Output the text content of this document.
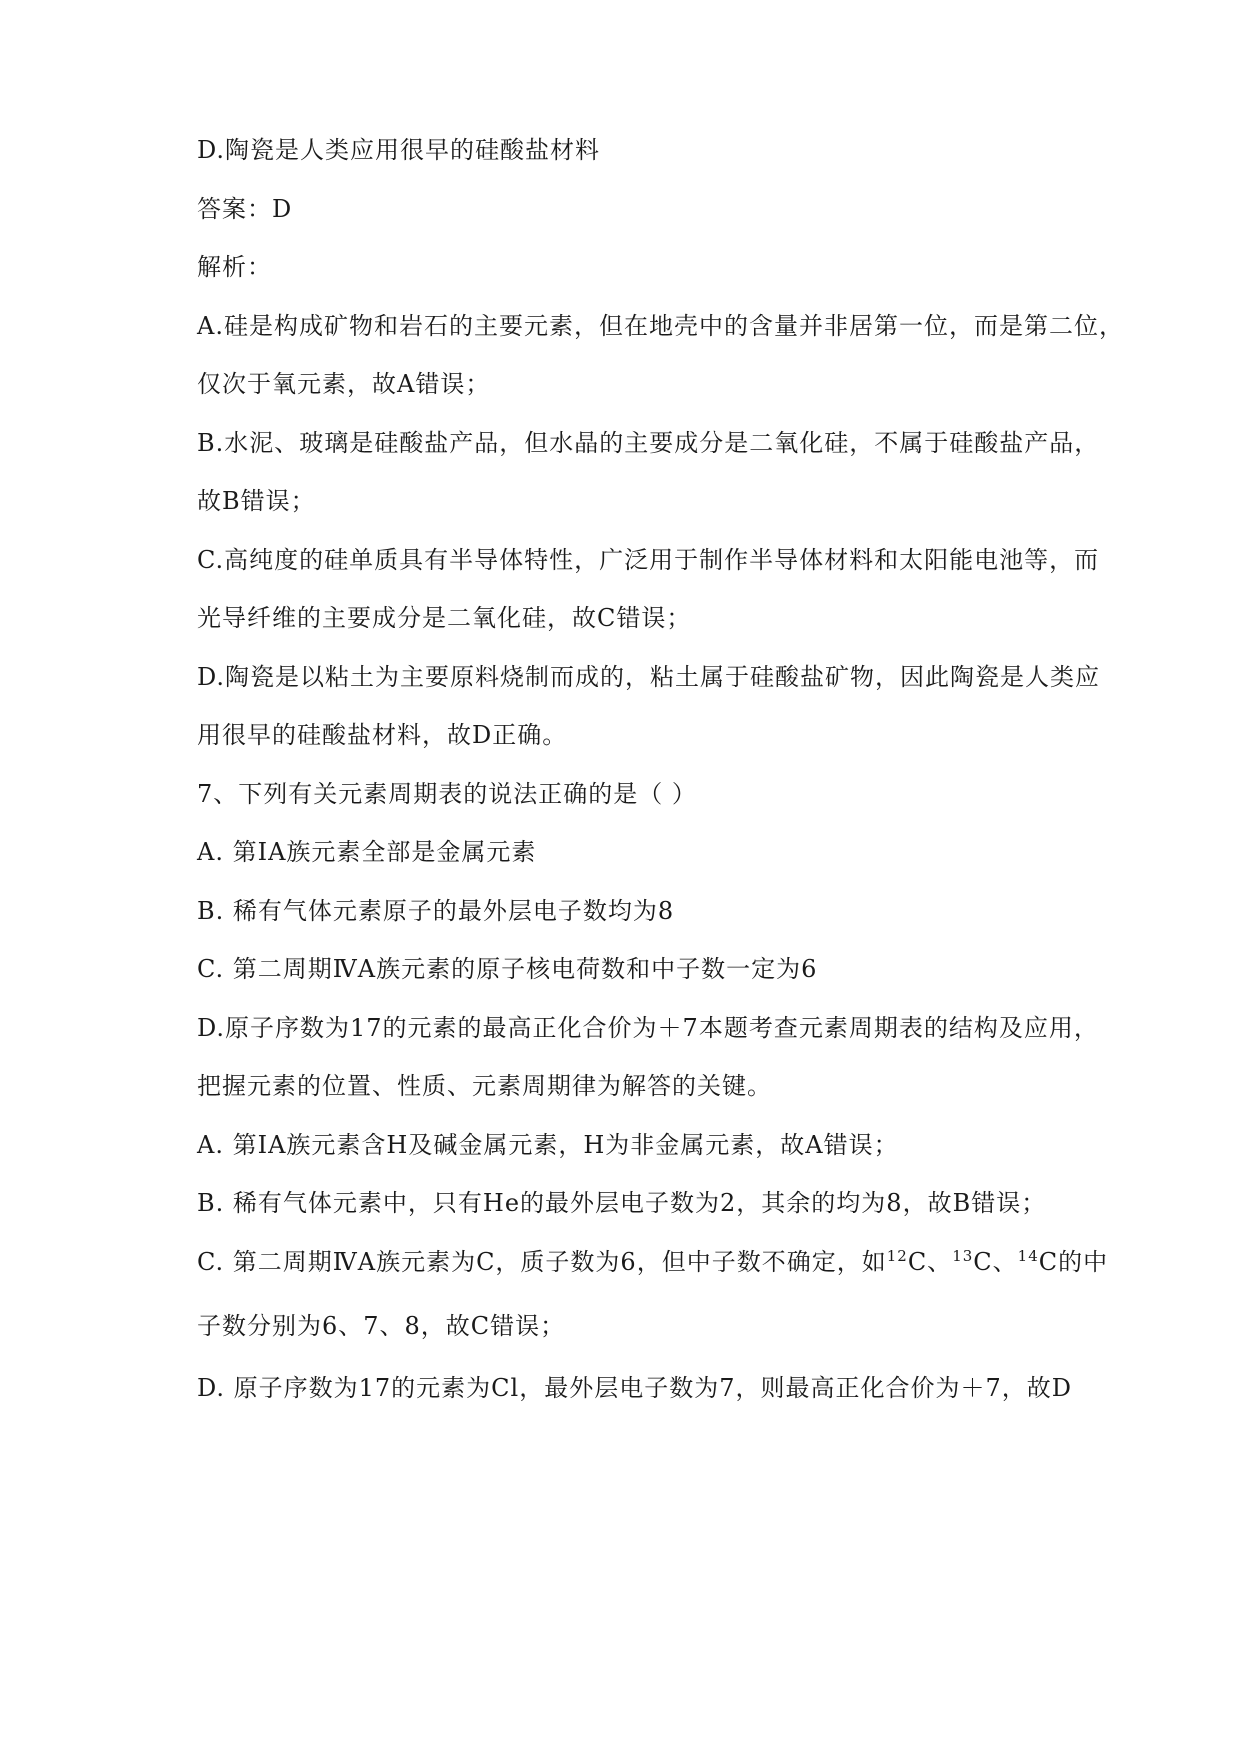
D.陶瓷是人类应用很早的硅酸盐材料
答案：D
解析：
A.硅是构成矿物和岩石的主要元素，但在地壳中的含量并非居第一位，而是第二位，
仅次于氧元素，故A错误；
B.水泥、玻璃是硅酸盐产品，但水晶的主要成分是二氧化硅，不属于硅酸盐产品，
故B错误；
C.高纯度的硅单质具有半导体特性，广泛用于制作半导体材料和太阳能电池等，而
光导纤维的主要成分是二氧化硅，故C错误；
D.陶瓷是以粘土为主要原料烧制而成的，粘土属于硅酸盐矿物，因此陶瓷是人类应
用很早的硅酸盐材料，故D正确。
7、下列有关元素周期表的说法正确的是（ ）
A. 第IA族元素全部是金属元素
B. 稀有气体元素原子的最外层电子数均为8
C. 第二周期ⅣA族元素的原子核电荷数和中子数一定为6
D.原子序数为17的元素的最高正化合价为＋7本题考查元素周期表的结构及应用，
把握元素的位置、性质、元素周期律为解答的关键。
A. 第IA族元素含H及碱金属元素，H为非金属元素，故A错误；
B. 稀有气体元素中，只有He的最外层电子数为2，其余的均为8，故B错误；
C. 第二周期ⅣA族元素为C，质子数为6，但中子数不确定，如$^{12}$C、$^{13}$C、$^{14}$C的中
子数分别为6、7、8，故C错误；
D. 原子序数为17的元素为Cl，最外层电子数为7，则最高正化合价为＋7，故D
